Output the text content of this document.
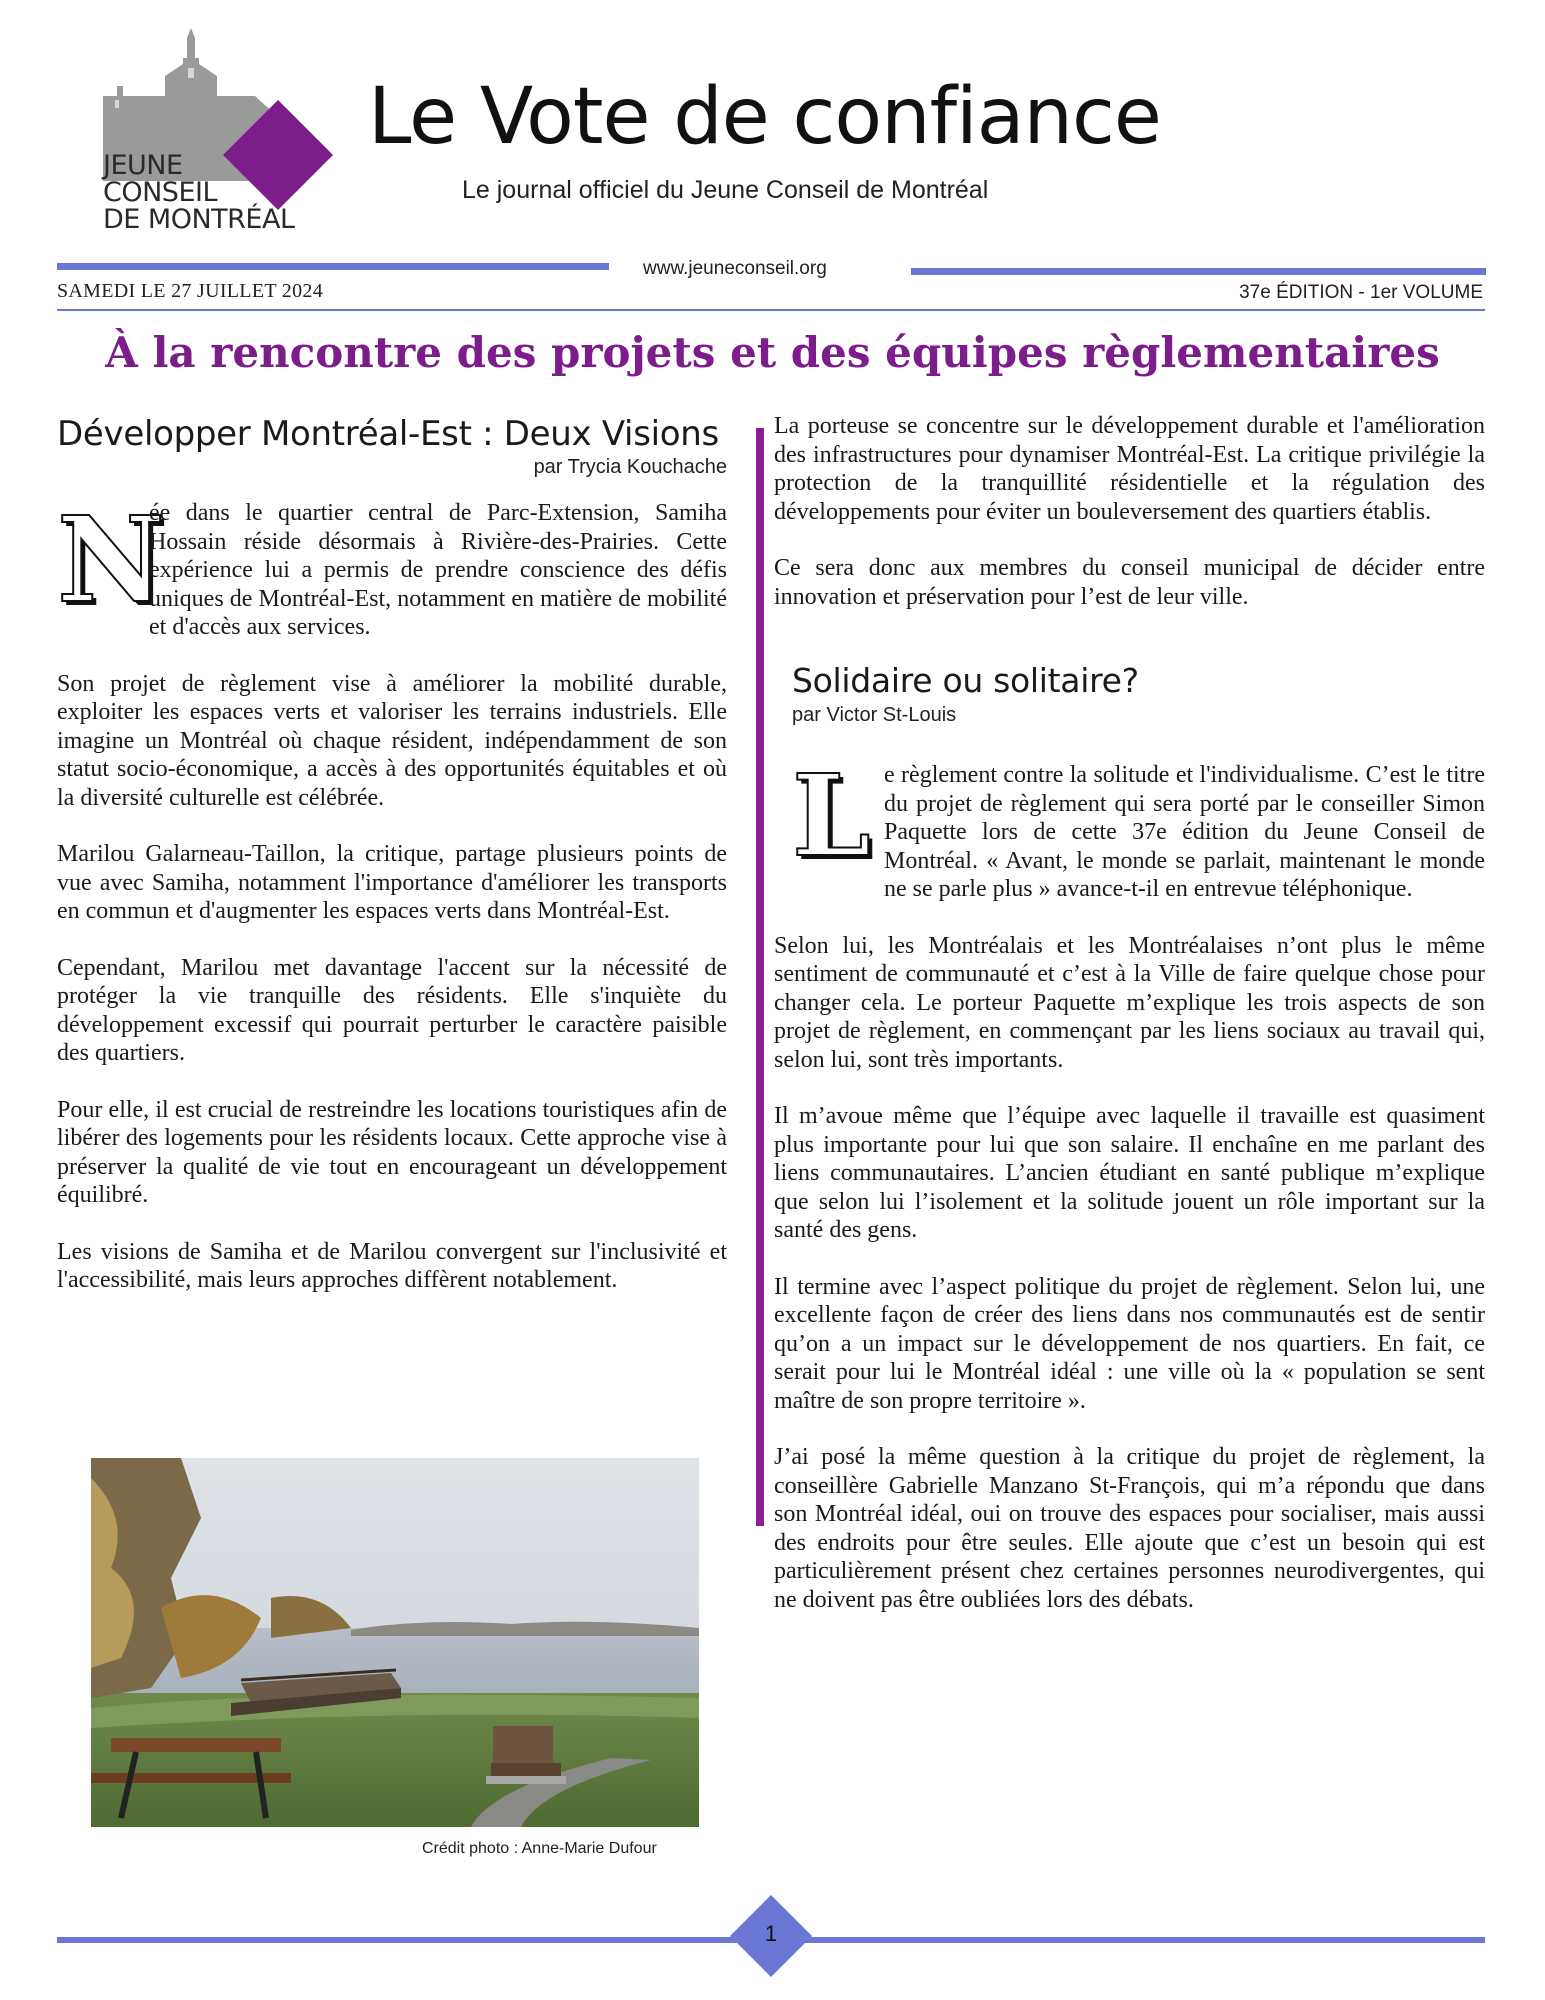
JEUNE
CONSEIL
DE MONTRÉAL
Le Vote de confiance
Le journal officiel du Jeune Conseil de Montréal
www.jeuneconseil.org
SAMEDI LE 27 JUILLET 2024	37e ÉDITION - 1er VOLUME
À la rencontre des projets et des équipes règlementaires
Développer Montréal-Est : Deux Visions
par Trycia Kouchache
N

ée dans le quartier central de Parc-Extension, Samiha Hossain réside désormais à Rivière-des-Prairies. Cette expérience lui a permis de prendre conscience des défis uniques de Montréal-Est, notamment en matière de mobilité et d'accès aux services.

Son projet de règlement vise à améliorer la mobilité durable, exploiter les espaces verts et valoriser les terrains industriels. Elle imagine un Montréal où chaque résident, indépendamment de son statut socio-économique, a accès à des opportunités équitables et où la diversité culturelle est célébrée.

Marilou Galarneau-Taillon, la critique, partage plusieurs points de vue avec Samiha, notamment l'importance d'améliorer les transports en commun et d'augmenter les espaces verts dans Montréal-Est.

Cependant, Marilou met davantage l'accent sur la nécessité de protéger la vie tranquille des résidents. Elle s'inquiète du développement excessif qui pourrait perturber le caractère paisible des quartiers.

Pour elle, il est crucial de restreindre les locations touristiques afin de libérer des logements pour les résidents locaux. Cette approche vise à préserver la qualité de vie tout en encourageant un développement équilibré.

Les visions de Samiha et de Marilou convergent sur l'inclusivité et l'accessibilité, mais leurs approches diffèrent notablement.

Crédit photo : Anne-Marie Dufour

La porteuse se concentre sur le développement durable et l'amélioration des infrastructures pour dynamiser Montréal-Est. La critique privilégie la protection de la tranquillité résidentielle et la régulation des développements pour éviter un bouleversement des quartiers établis.

Ce sera donc aux membres du conseil municipal de décider entre innovation et préservation pour l’est de leur ville.

Solidaire ou solitaire?
par Victor St-Louis
L e règlement contre la solitude et l'individualisme. C’est le titre du projet de règlement qui sera porté par le conseiller Simon Paquette lors de cette 37e édition du Jeune Conseil de Montréal. « Avant, le monde se parlait, maintenant le monde ne se parle plus » avance-t-il en entrevue téléphonique.

Selon lui, les Montréalais et les Montréalaises n’ont plus le même sentiment de communauté et c’est à la Ville de faire quelque chose pour changer cela. Le porteur Paquette m’explique les trois aspects de son projet de règlement, en commençant par les liens sociaux au travail qui, selon lui, sont très importants.

Il m’avoue même que l’équipe avec laquelle il travaille est quasiment plus importante pour lui que son salaire. Il enchaîne en me parlant des liens communautaires. L’ancien étudiant en santé publique m’explique que selon lui l’isolement et la solitude jouent un rôle important sur la santé des gens.

Il termine avec l’aspect politique du projet de règlement. Selon lui, une excellente façon de créer des liens dans nos communautés est de sentir qu’on a un impact sur le développement de nos quartiers. En fait, ce serait pour lui le Montréal idéal : une ville où la « population se sent maître de son propre territoire ».

J’ai posé la même question à la critique du projet de règlement, la conseillère Gabrielle Manzano St-François, qui m’a répondu que dans son Montréal idéal, oui on trouve des espaces pour socialiser, mais aussi des endroits pour être seules. Elle ajoute que c’est un besoin qui est particulièrement présent chez certaines personnes neurodivergentes, qui ne doivent pas être oubliées lors des débats.

1
